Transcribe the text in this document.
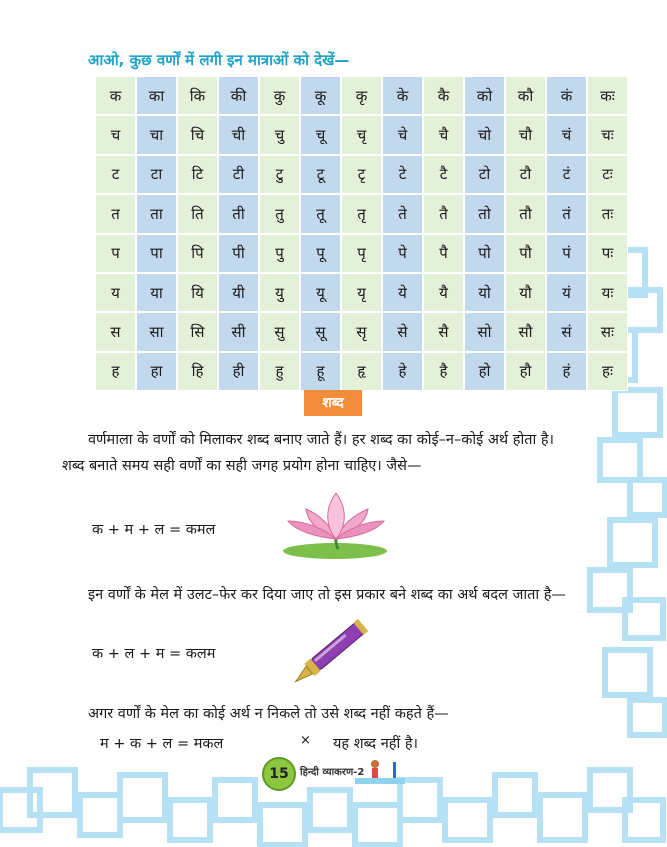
आओ, कुछ वर्णों में लगी इन मात्राओं को देखें—
क	का	कि	की	कु	कू	कृ	के	कै	को	कौ	कं	कः
च	चा	चि	ची	चु	चू	चृ	चे	चै	चो	चौ	चं	चः
ट	टा	टि	टी	टु	टू	टृ	टे	टै	टो	टौ	टं	टः
त	ता	ति	ती	तु	तू	तृ	ते	तै	तो	तौ	तं	तः
प	पा	पि	पी	पु	पू	पृ	पे	पै	पो	पौ	पं	पः
य	या	यि	यी	यु	यू	यृ	ये	यै	यो	यौ	यं	यः
स	सा	सि	सी	सु	सू	सृ	से	सै	सो	सौ	सं	सः
ह	हा	हि	ही	हु	हू	हृ	हे	है	हो	हौ	हं	हः
शब्द
वर्णमाला के वर्णों को मिलाकर शब्द बनाए जाते हैं। हर शब्द का कोई–न–कोई अर्थ होता है।
शब्द बनाते समय सही वर्णों का सही जगह प्रयोग होना चाहिए। जैसे—
क + म + ल = कमल
इन वर्णों के मेल में उलट–फेर कर दिया जाए तो इस प्रकार बने शब्द का अर्थ बदल जाता है—
क + ल + म = कलम
अगर वर्णों के मेल का कोई अर्थ न निकले तो उसे शब्द नहीं कहते हैं—
म + क + ल = मकल	× यह शब्द नहीं है।
15	हिन्दी व्याकरण-2
